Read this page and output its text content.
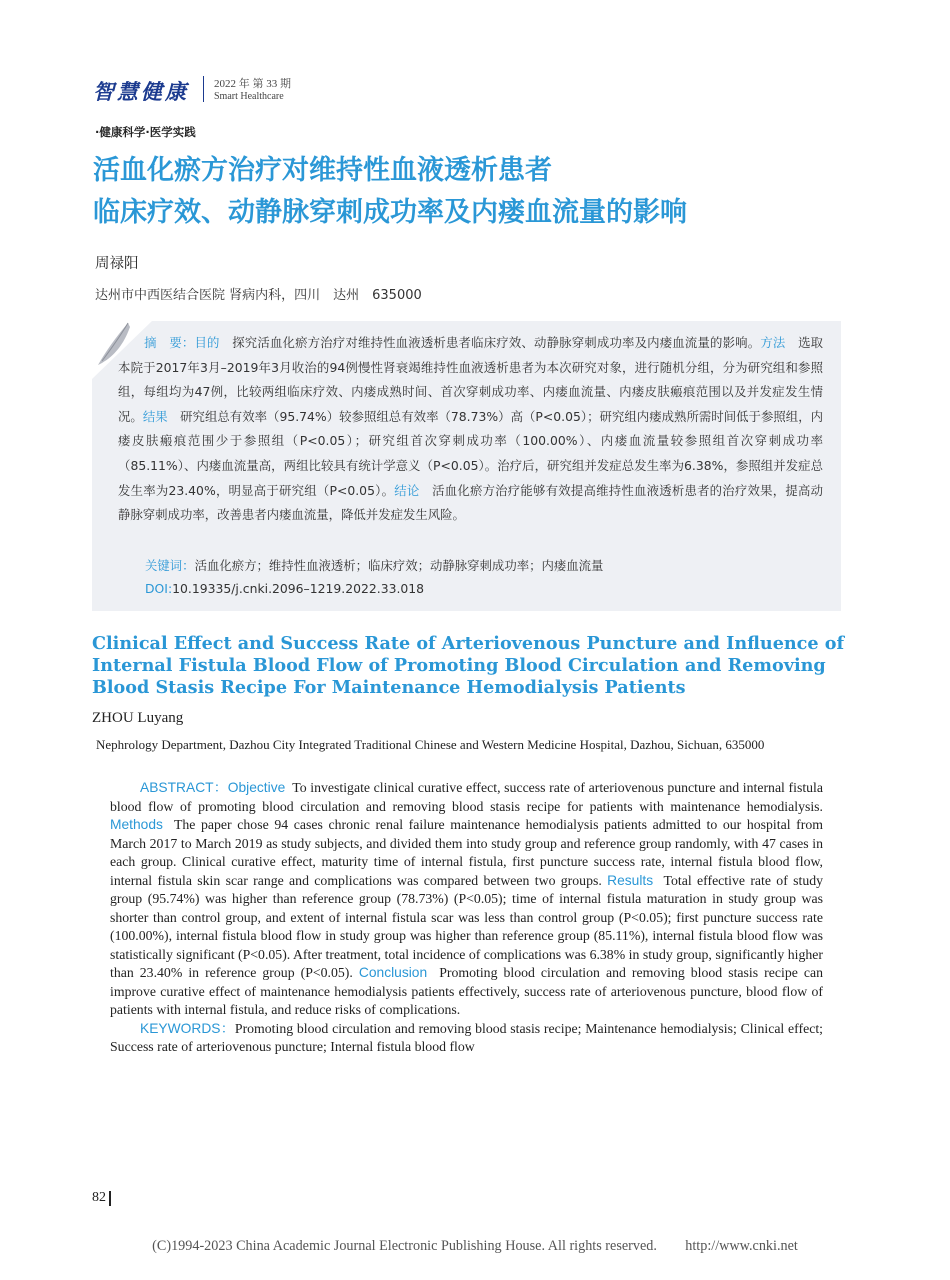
智慧健康 2022 年 第 33 期
Smart Healthcare
·健康科学·医学实践
活血化瘀方治疗对维持性血液透析患者
临床疗效、动静脉穿刺成功率及内瘘血流量的影响
周禄阳
达州市中西医结合医院 肾病内科，四川　达州　635000
摘　要：目的　 探究活血化瘀方治疗对维持性血液透析患者临床疗效、动静脉穿刺成功率及内瘘血流量的影响。方法　 选取本院于2017年3月–2019年3月收治的94例慢性肾衰竭维持性血液透析患者为本次研究对象，进行随机分组，分为研究组和参照组，每组均为47例，比较两组临床疗效、内瘘成熟时间、首次穿刺成功率、内瘘血流量、内瘘皮肤瘢痕范围以及并发症发生情况。结果　 研究组总有效率（95.74%）较参照组总有效率（78.73%）高（P<0.05）；研究组内瘘成熟所需时间低于参照组，内瘘皮肤瘢痕范围少于参照组（P<0.05）；研究组首次穿刺成功率（100.00%）、内瘘血流量较参照组首次穿刺成功率（85.11%）、内瘘血流量高，两组比较具有统计学意义（P<0.05）。治疗后，研究组并发症总发生率为6.38%，参照组并发症总发生率为23.40%，明显高于研究组（P<0.05）。结论　 活血化瘀方治疗能够有效提高维持性血液透析患者的治疗效果，提高动静脉穿刺成功率，改善患者内瘘血流量，降低并发症发生风险。
关键词：活血化瘀方；维持性血液透析；临床疗效；动静脉穿刺成功率；内瘘血流量
DOI:10.19335/j.cnki.2096–1219.2022.33.018
Clinical Effect and Success Rate of Arteriovenous Puncture and Influence of Internal Fistula Blood Flow of Promoting Blood Circulation and Removing Blood Stasis Recipe For Maintenance Hemodialysis Patients
ZHOU Luyang
Nephrology Department, Dazhou City Integrated Traditional Chinese and Western Medicine Hospital, Dazhou, Sichuan, 635000

ABSTRACT：Objective To investigate clinical curative effect, success rate of arteriovenous puncture and internal fistula blood flow of promoting blood circulation and removing blood stasis recipe for patients with maintenance hemodialysis. Methods The paper chose 94 cases chronic renal failure maintenance hemodialysis patients admitted to our hospital from March 2017 to March 2019 as study subjects, and divided them into study group and reference group randomly, with 47 cases in each group. Clinical curative effect, maturity time of internal fistula, first puncture success rate, internal fistula blood flow, internal fistula skin scar range and complications was compared between two groups. Results Total effective rate of study group (95.74%) was higher than reference group (78.73%) (P<0.05); time of internal fistula maturation in study group was shorter than control group, and extent of internal fistula scar was less than control group (P<0.05); first puncture success rate (100.00%), internal fistula blood flow in study group was higher than reference group (85.11%), internal fistula blood flow was statistically significant (P<0.05). After treatment, total incidence of complications was 6.38% in study group, significantly higher than 23.40% in reference group (P<0.05). Conclusion Promoting blood circulation and removing blood stasis recipe can improve curative effect of maintenance hemodialysis patients effectively, success rate of arteriovenous puncture, blood flow of patients with internal fistula, and reduce risks of complications.

KEYWORDS：Promoting blood circulation and removing blood stasis recipe; Maintenance hemodialysis; Clinical effect; Success rate of arteriovenous puncture; Internal fistula blood flow

82
(C)1994-2023 China Academic Journal Electronic Publishing House. All rights reserved.　　http://www.cnki.net
